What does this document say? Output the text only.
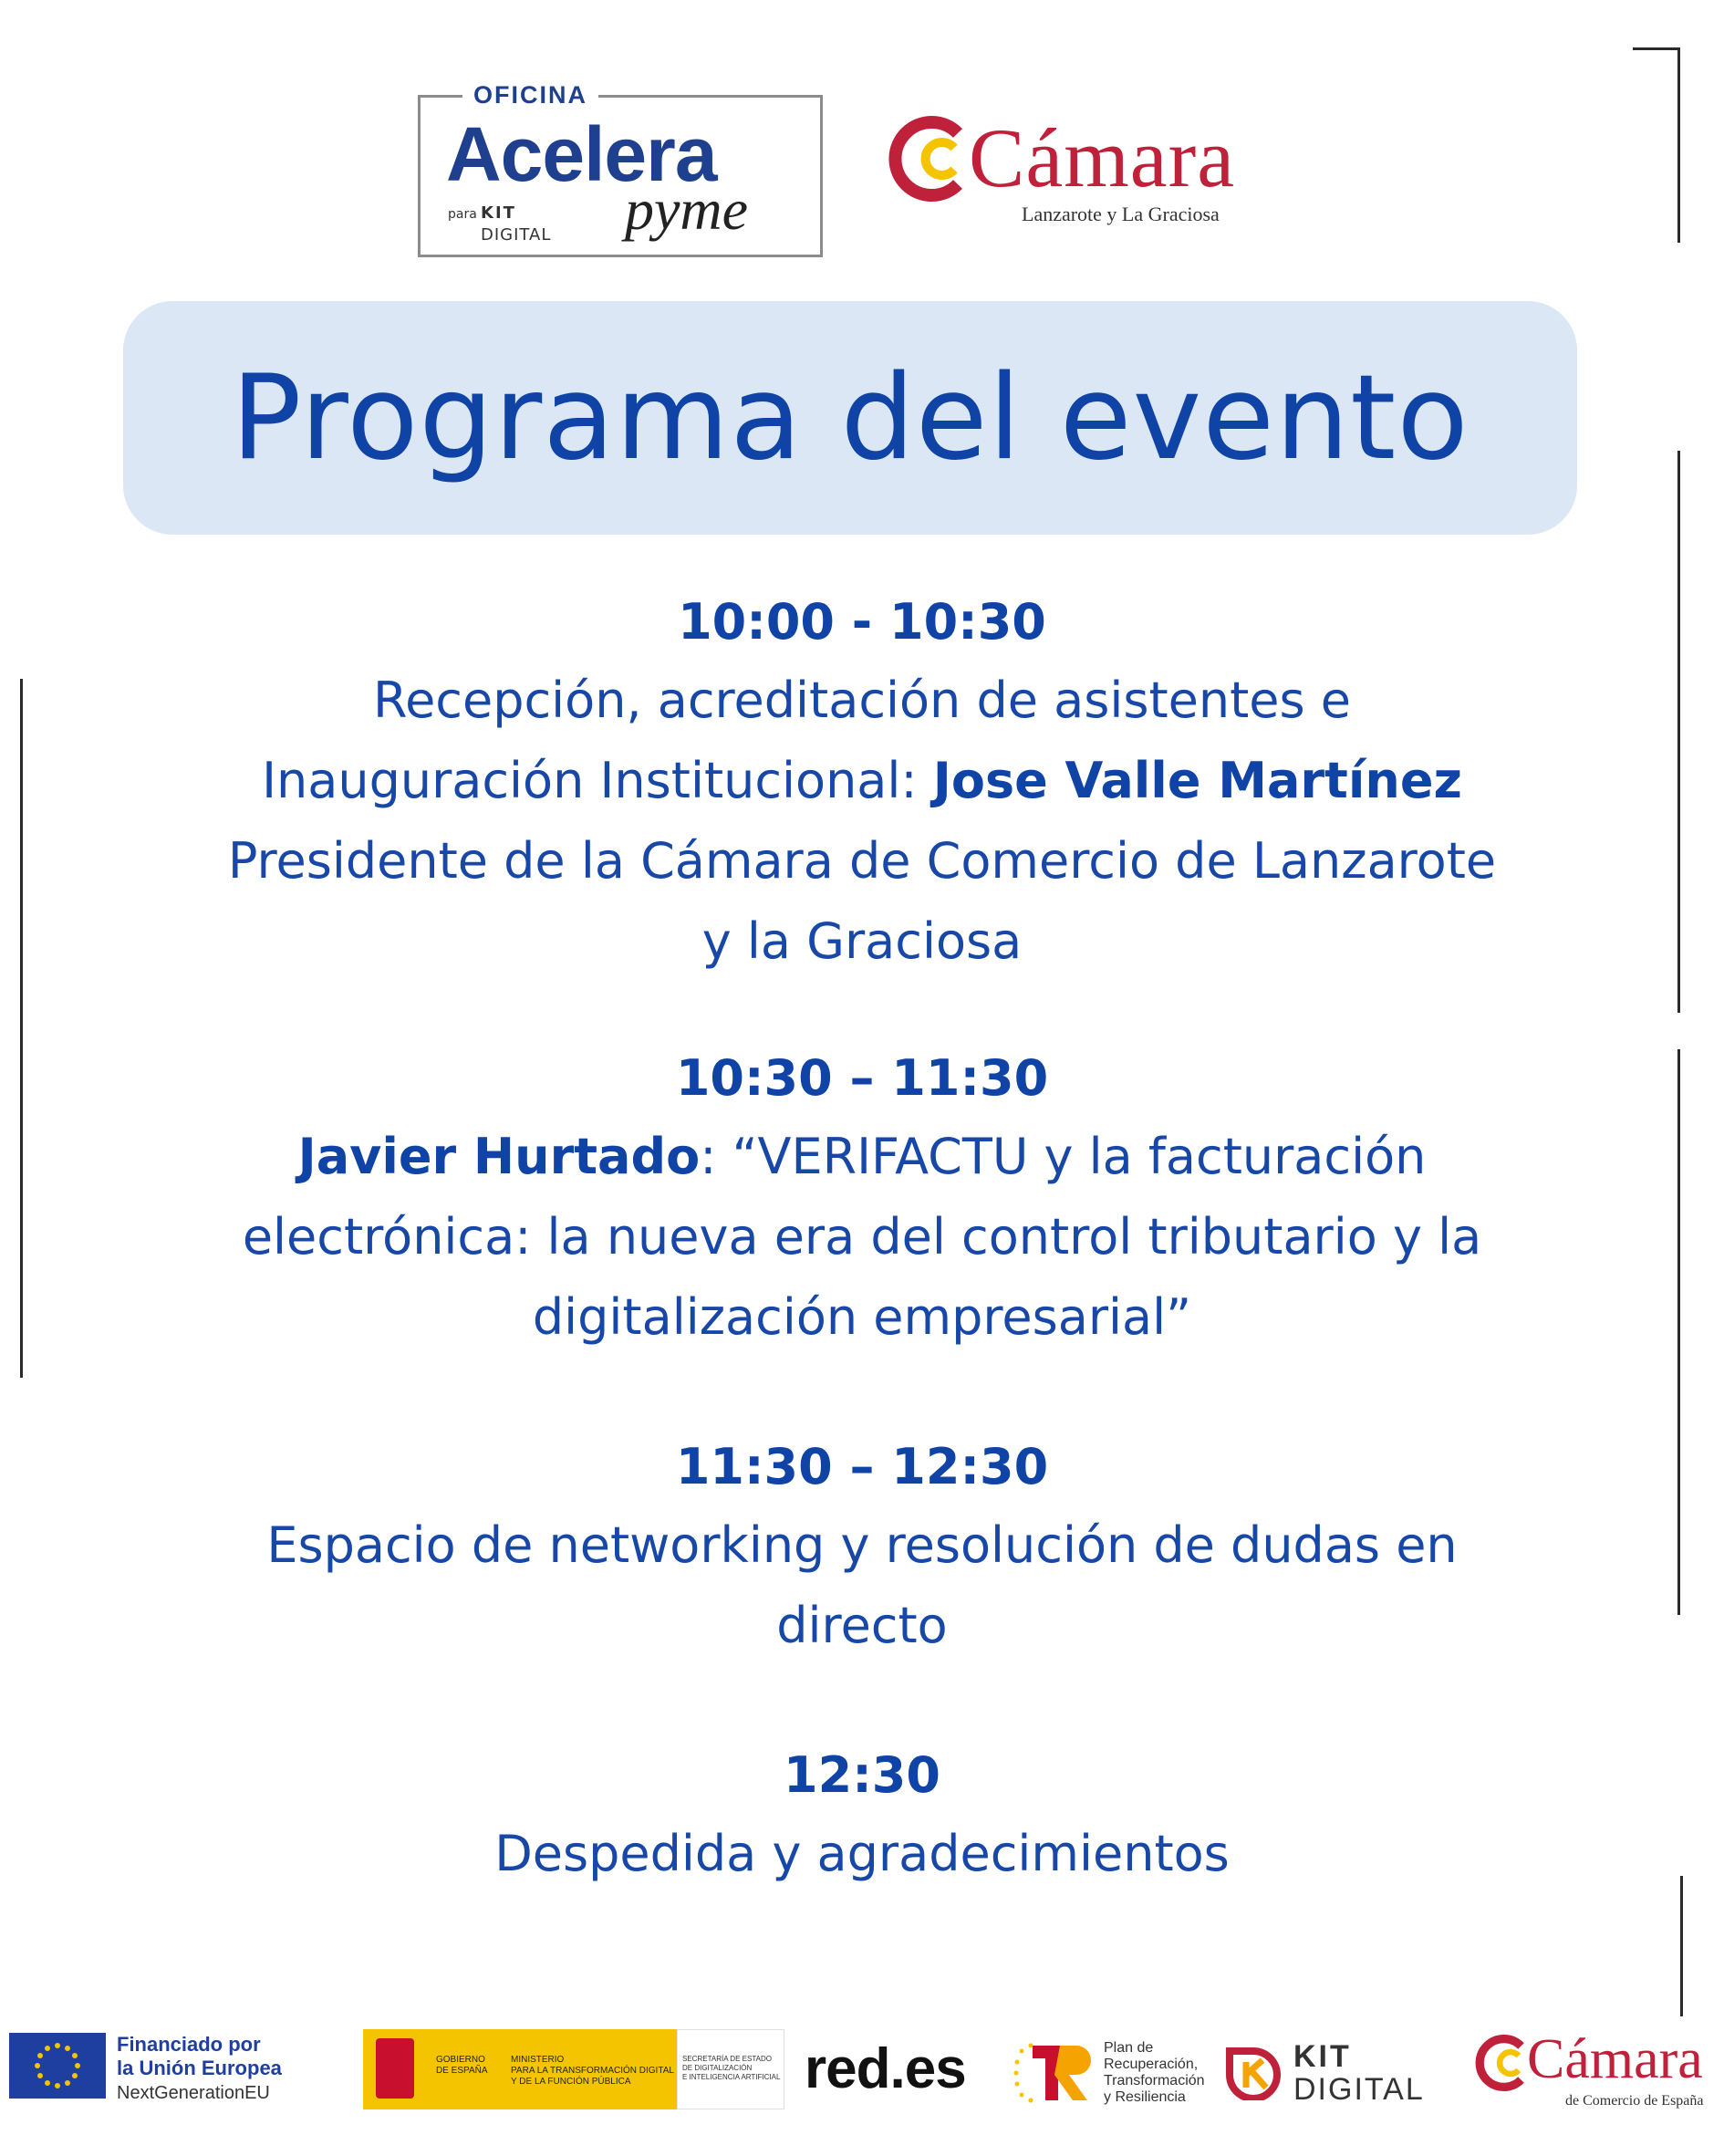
OFICINA
Acelera
pyme
para KIT
DIGITAL
Cámara
Lanzarote y La Graciosa
Programa del evento
10:00 - 10:30
Recepción, acreditación de asistentes e
Inauguración Institucional: Jose Valle Martínez
Presidente de la Cámara de Comercio de Lanzarote
y la Graciosa
10:30 – 11:30
Javier Hurtado: “VERIFACTU y la facturación
electrónica: la nueva era del control tributario y la
digitalización empresarial”
11:30 – 12:30
Espacio de networking y resolución de dudas en
directo
12:30
Despedida y agradecimientos
Financiado por
la Unión Europea
NextGenerationEU
GOBIERNO
DE ESPAÑA
MINISTERIO
PARA LA TRANSFORMACIÓN DIGITAL
Y DE LA FUNCIÓN PÚBLICA
SECRETARÍA DE ESTADO
DE DIGITALIZACIÓN
E INTELIGENCIA ARTIFICIAL red.es	Plan de
Recuperación,
Transformación
y Resiliencia
KIT
DIGITAL Cámara
de Comercio de España
